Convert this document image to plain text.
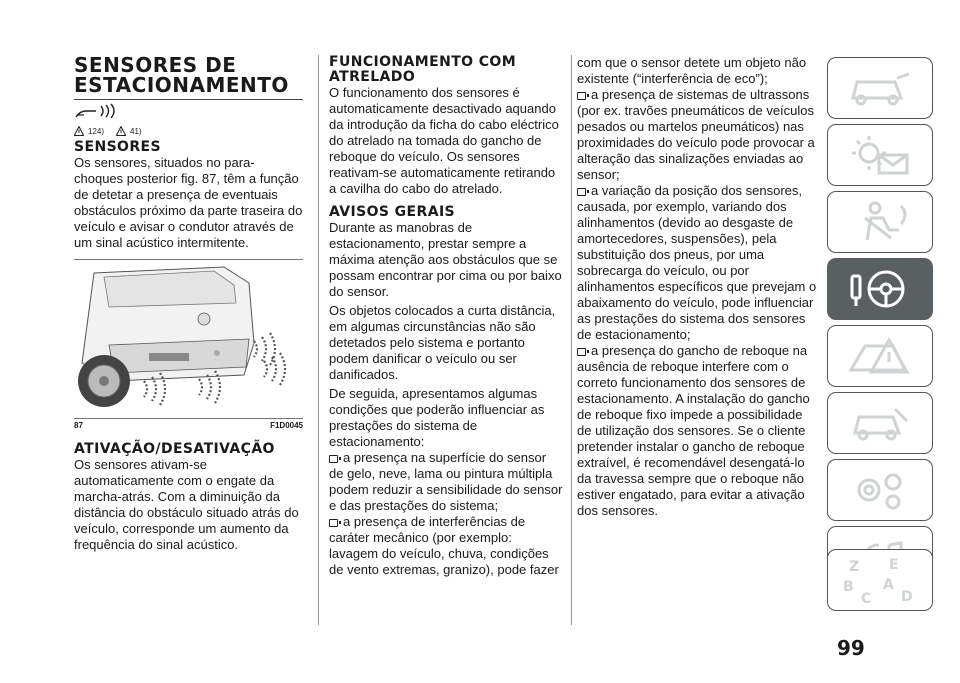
SENSORES DE ESTACIONAMENTO
124)	41)
SENSORES

Os sensores, situados no para-choques posterior fig. 87, têm a função de detetar a presença de eventuais obstáculos próximo da parte traseira do veículo e avisar o condutor através de um sinal acústico intermitente.

87	F1D0045
ATIVAÇÃO/DESATIVAÇÃO

Os sensores ativam-se automaticamente com o engate da marcha-atrás. Com a diminuição da distância do obstáculo situado atrás do veículo, corresponde um aumento da frequência do sinal acústico.

FUNCIONAMENTO COM ATRELADO

O funcionamento dos sensores é automaticamente desactivado aquando da introdução da ficha do cabo eléctrico do atrelado na tomada do gancho de reboque do veículo. Os sensores reativam-se automaticamente retirando a cavilha do cabo do atrelado.

AVISOS GERAIS

Durante as manobras de estacionamento, prestar sempre a máxima atenção aos obstáculos que se possam encontrar por cima ou por baixo do sensor.

Os objetos colocados a curta distância, em algumas circunstâncias não são detetados pelo sistema e portanto podem danificar o veículo ou ser danificados.

De seguida, apresentamos algumas condições que poderão influenciar as prestações do sistema de estacionamento:

a presença na superfície do sensor de gelo, neve, lama ou pintura múltipla podem reduzir a sensibilidade do sensor e das prestações do sistema;

a presença de interferências de caráter mecânico (por exemplo: lavagem do veículo, chuva, condições de vento extremas, granizo), pode fazer

com que o sensor detete um objeto não existente (“interferência de eco”);

a presença de sistemas de ultrassons (por ex. travões pneumáticos de veículos pesados ou martelos pneumáticos) nas proximidades do veículo pode provocar a alteração das sinalizações enviadas ao sensor;

a variação da posição dos sensores, causada, por exemplo, variando dos alinhamentos (devido ao desgaste de amortecedores, suspensões), pela substituição dos pneus, por uma sobrecarga do veículo, ou por alinhamentos específicos que prevejam o abaixamento do veículo, pode influenciar as prestações do sistema dos sensores de estacionamento;

a presença do gancho de reboque na ausência de reboque interfere com o correto funcionamento dos sensores de estacionamento. A instalação do gancho de reboque fixo impede a possibilidade de utilização dos sensores. Se o cliente pretender instalar o gancho de reboque extraível, é recomendável desengatá-lo da travessa sempre que o reboque não estiver engatado, para evitar a ativação dos sensores.

Z E
B A
C D
99
